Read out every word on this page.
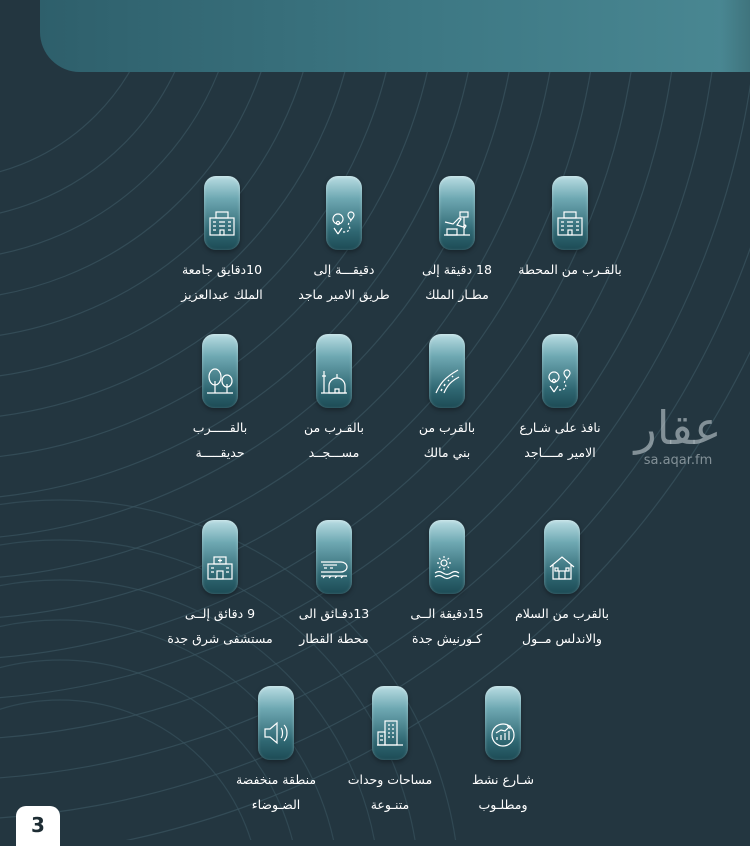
بالقـرب من المحطة
18 دقيقة إلى
مطـار الملك
دقيقـــة إلى
طريق الامير ماجد
10دقايق جامعة
الملك عبدالعزيز
نافذ على شـارع
الامير مــــاجد
بالقرب من
بني مالك
بالقـرب من
مســـجــد
بالقـــــرب
حديقـــــة
بالقرب من السلام
والاندلس مــول
15دقيقة الــى
كـورنيش جدة
13دقـائق الى
محطة القطار
9 دقائق إلــى
مستشفى شرق جدة
شـارع نشط
ومطلـوب
مساحات وحدات
متنـوعة
منطقة منخفضة
الضـوضاء
عقار
sa.aqar.fm
3
